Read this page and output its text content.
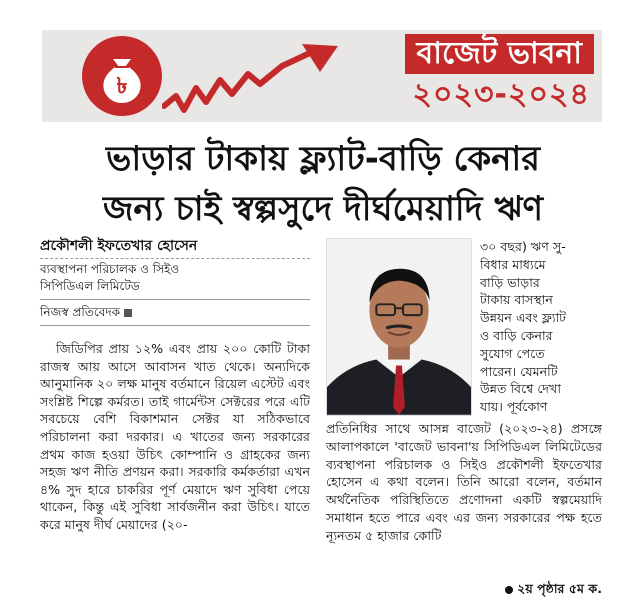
৳
বাজেট ভাবনা
২০২৩-২০২৪
ভাড়ার টাকায় ফ্ল্যাট-বাড়ি কেনার
জন্য চাই স্বল্পসুদে দীর্ঘমেয়াদি ঋণ
প্রকৌশলী ইফতেখার হোসেন
ব্যবস্থাপনা পরিচালক ও সিইও
সিপিডিএল লিমিটেড
নিজস্ব প্রতিবেদক

জিডিপির প্রায় ১২% এবং প্রায় ২০০ কোটি টাকা রাজস্ব আয় আসে আবাসন খাত থেকে। অন্যদিকে আনুমানিক ২০ লক্ষ মানুষ বর্তমানে রিয়েল এস্টেট এবং সংশ্লিষ্ট শিল্পে কর্মরত। তাই গার্মেন্টস সেক্টরের পরে এটি সবচেয়ে বেশি বিকাশমান সেক্টর যা সঠিকভাবে পরিচালনা করা দরকার। এ খাতের জন্য সরকারের প্রথম কাজ হওয়া উচিৎ কোম্পানি ও গ্রাহকের জন্য সহজ ঋণ নীতি প্রণয়ন করা। সরকারি কর্মকর্তারা এখন ৪% সুদ হারে চাকরির পূর্ণ মেয়াদে ঋণ সুবিধা পেয়ে থাকেন, কিন্তু এই সুবিধা সার্বজনীন করা উচিৎ। যাতে করে মানুষ দীর্ঘ মেয়াদের (২০-

৩০ বছর) ঋণ সু-
বিধার মাধ্যমে
বাড়ি ভাড়ার
টাকায় বাসস্থান
উন্নয়ন এবং ফ্ল্যাট
ও বাড়ি কেনার
সুযোগ পেতে
পারেন। যেমনটি
উন্নত বিশ্বে দেখা
যায়। পূর্বকোণ

প্রতিনিধির সাথে আসন্ন বাজেট (২০২৩-২৪) প্রসঙ্গে আলাপকালে 'বাজেট ভাবনা'য় সিপিডিএল লিমিটেডের ব্যবস্থাপনা পরিচালক ও সিইও প্রকৌশলী ইফতেখার হোসেন এ কথা বলেন। তিনি আরো বলেন, বর্তমান অর্থনৈতিক পরিস্থিতিতে প্রণোদনা একটি স্বল্পমেয়াদি সমাধান হতে পারে এবং এর জন্য সরকারের পক্ষ হতে ন্যূনতম ৫ হাজার কোটি

২য় পৃষ্ঠার ৫ম ক.
